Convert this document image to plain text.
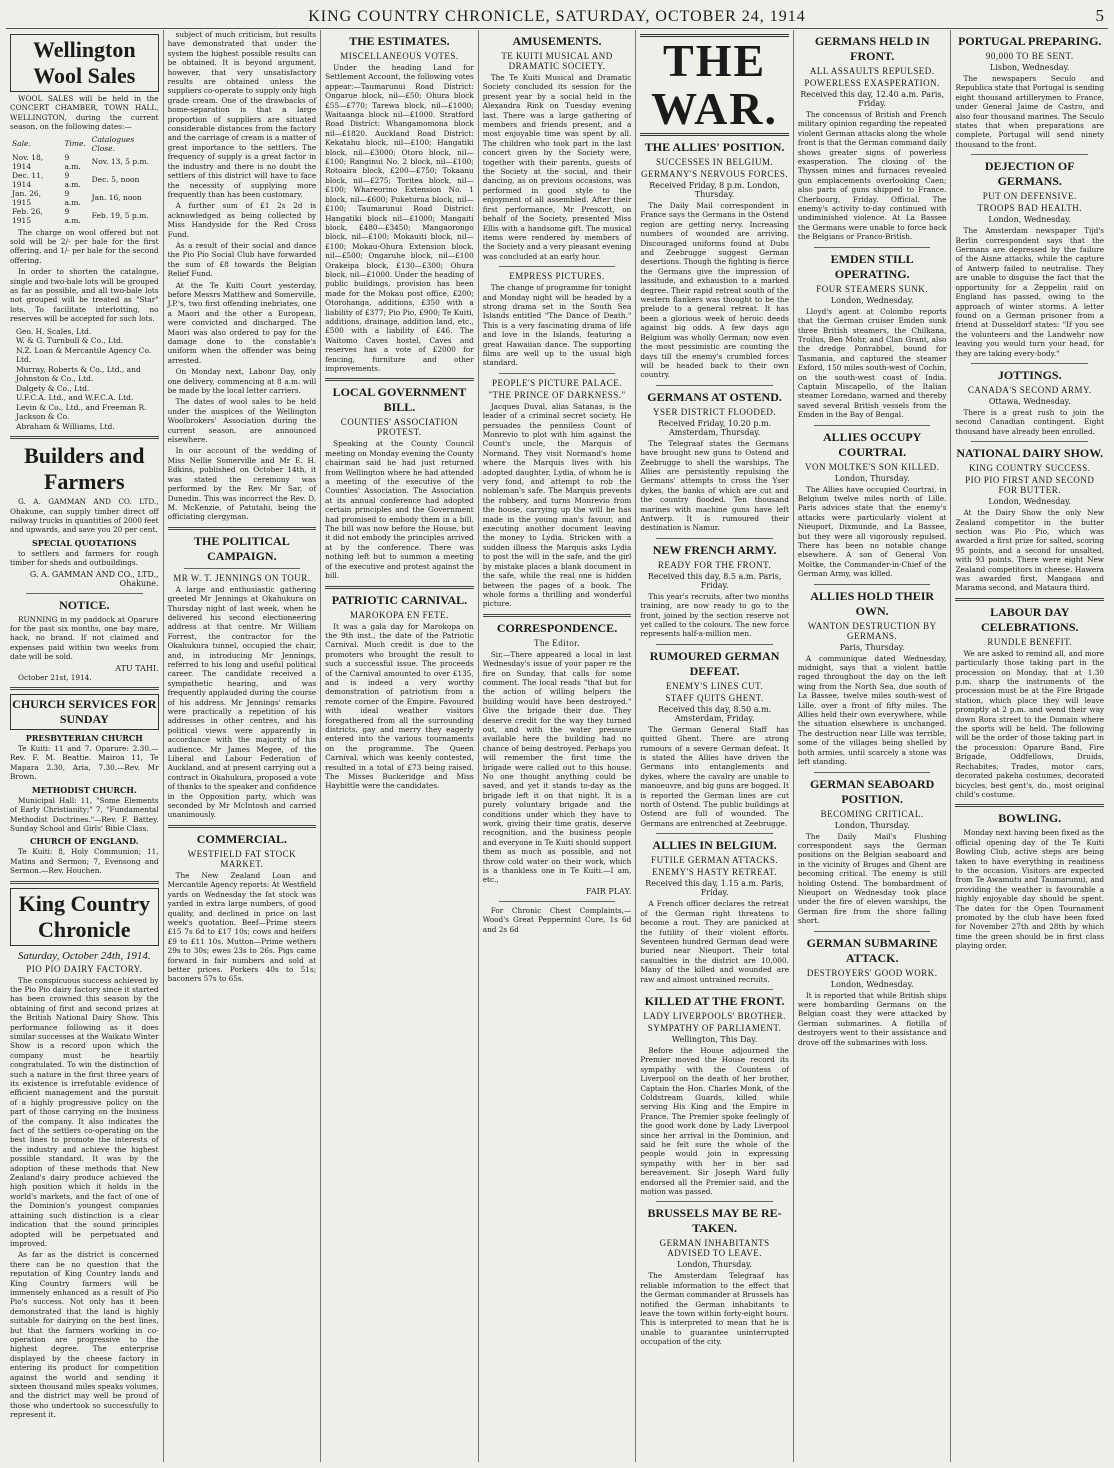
KING COUNTRY CHRONICLE, SATURDAY, OCTOBER 24, 1914	5
Wellington Wool Sales

WOOL SALES will be held in the CONCERT CHAMBER, TOWN HALL, WELLINGTON, during the current season, on the following dates:—

Sale.	Time.	Catalogues Close.
Nov. 18, 1914	9 a.m.	Nov. 13, 5 p.m.
Dec. 11, 1914	9 a.m.	Dec. 5, noon
Jan. 26, 1915	9 a.m.	Jan. 16, noon
Feb. 26, 1915	9 a.m.	Feb. 19, 5 p.m.

The charge on wool offered but not sold will be 2/- per bale for the first offering, and 1/- per bale for the second offering.

In order to shorten the catalogue, single and two-bale lots will be grouped as far as possible, and all two-bale lots not grouped will be treated as "Star" lots. To facilitate interlotting, no reserves will be accepted for such lots.

Geo. H. Scales, Ltd.
W. & G. Turnbull & Co., Ltd.
N.Z. Loan & Mercantile Agency Co. Ltd.
Murray, Roberts & Co., Ltd., and Johnston & Co., Ltd.
Dalgety & Co., Ltd.
U.F.C.A. Ltd., and W.F.C.A. Ltd.
Levin & Co., Ltd., and Freeman R. Jackson & Co.
Abraham & Williams, Ltd.
Builders and Farmers

G. A. GAMMAN AND CO. LTD., Ohakune, can supply timber direct off railway trucks in quantities of 2000 feet and upwards, and save you 20 per cent.

SPECIAL QUOTATIONS

to settlers and farmers for rough timber for sheds and outbuildings.

G. A. GAMMAN AND CO., LTD., Ohakune.
NOTICE.

RUNNING in my paddock at Oparure for the past six months, one bay mare, hack, no brand. If not claimed and expenses paid within two weeks from date will be sold.

ATU TAHI.

October 21st, 1914.

CHURCH SERVICES FOR SUNDAY
PRESBYTERIAN CHURCH

Te Kuiti: 11 and 7. Oparure: 2.30.—Rev. F. M. Beattie. Mairoa 11, Te Mapara 2.30, Aria, 7.30.—Rev. Mr Brown.

METHODIST CHURCH.

Municipal Hall: 11, "Some Elements of Early Christianity;" 7, "Fundamental Methodist Doctrines."—Rev. F. Battey. Sunday School and Girls' Bible Class.

CHURCH OF ENGLAND.

Te Kuiti: 8, Holy Communion; 11, Matins and Sermon; 7, Evensong and Sermon.—Rev. Houchen.

King Country Chronicle
Saturday, October 24th, 1914.
PIO PIO DAIRY FACTORY.

The conspicuous success achieved by the Pio Pio dairy factory since it started has been crowned this season by the obtaining of first and second prizes at the British National Dairy Show. This performance following as it does similar successes at the Waikato Winter Show is a record upon which the company must be heartily congratulated. To win the distinction of such a nature in the first three years of its existence is irrefutable evidence of efficient management and the pursuit of a highly progressive policy on the part of those carrying on the business of the company. It also indicates the fact of the settlers co-operating on the best lines to promote the interests of the industry and achieve the highest possible standard. It was by the adoption of these methods that New Zealand's dairy produce achieved the high position which it holds in the world's markets, and the fact of one of the Dominion's youngest companies attaining such distinction is a clear indication that the sound principles adopted will be perpetuated and improved.

As far as the district is concerned there can be no question that the reputation of King Country lands and King Country farmers will be immensely enhanced as a result of Pio Pio's success. Not only has it been demonstrated that the land is highly suitable for dairying on the best lines, but that the farmers working in co-operation are progressive to the highest degree. The enterprise displayed by the cheese factory in entering its product for competition against the world and sending it sixteen thousand miles speaks volumes, and the district may well be proud of those who undertook so successfully to represent it.

subject of much criticism, but results have demonstrated that under the system the highest possible results can be obtained. It is beyond argument, however, that very unsatisfactory results are obtained unless the suppliers co-operate to supply only high grade cream. One of the drawbacks of home-separation is that a large proportion of suppliers are situated considerable distances from the factory and the carriage of cream is a matter of great importance to the settlers. The frequency of supply is a great factor in the industry and there is no doubt the settlers of this district will have to face the necessity of supplying more frequently than has been customary.

A further sum of £1 2s 2d is acknowledged as being collected by Miss Handyside for the Red Cross Fund.

As a result of their social and dance the Pio Pio Social Club have forwarded the sum of £8 towards the Belgian Relief Fund.

At the Te Kuiti Court yesterday, before Messrs Matthew and Somerville, J.P.'s, two first offending inebriates, one a Maori and the other a European, were convicted and discharged. The Maori was also ordered to pay for the damage done to the constable's uniform when the offender was being arrested.

On Monday next, Labour Day, only one delivery, commencing at 8 a.m. will be made by the local letter carriers.

The dates of wool sales to be held under the auspices of the Wellington Woolbrokers' Association during the current season, are announced elsewhere.

In our account of the wedding of Miss Nellie Somerville and Mr E. H. Edkins, published on October 14th, it was stated the ceremony was performed by the Rev. Mr Sar, of Dunedin. This was incorrect the Rev. D. M. McKenzie, of Patutahi, being the officiating clergyman.

THE POLITICAL CAMPAIGN.
MR W. T. JENNINGS ON TOUR.

A large and enthusiastic gathering greeted Mr Jennings at Okahukura on Thursday night of last week, when he delivered his second electioneering address at that centre. Mr William Forrest, the contractor for the Okahukura tunnel, occupied the chair, and, in introducing Mr Jennings, referred to his long and useful political career. The candidate received a sympathetic hearing, and was frequently applauded during the course of his address. Mr Jennings' remarks were practically a repetition of his addresses in other centres, and his political views were apparently in accordance with the majority of his audience. Mr James Megee, of the Liberal and Labour Federation of Auckland, and at present carrying out a contract in Okahukura, proposed a vote of thanks to the speaker and confidence in the Opposition party, which was seconded by Mr McIntosh and carried unanimously.

COMMERCIAL.
WESTFIELD FAT STOCK MARKET.

The New Zealand Loan and Mercantile Agency reports: At Westfield yards on Wednesday the fat stock was yarded in extra large numbers, of good quality, and declined in price on last week's quotation. Beef—Prime steers £15 7s 6d to £17 10s; cows and heifers £9 to £11 10s. Mutton—Prime wethers 29s to 30s; ewes 23s to 26s. Pigs came forward in fair numbers and sold at better prices. Porkers 40s to 51s; baconers 57s to 65s.

THE ESTIMATES.
MISCELLANEOUS VOTES.

Under the heading Land for Settlement Account, the following votes appear:—Taumarunui Road District: Ongarue block, nil—£50; Ohura block £55—£770; Tarewa block, nil—£1000; Waitaanga block nil—£1000. Stratford Road District: Whangamomona block nil—£1820. Auckland Road District: Kekatahu block, nil—£100; Hangatiki block, nil—£3000; Otoro block, nil—£100; Ranginui No. 2 block, nil—£100; Rotoaira block, £200—£750; Tokaanu block, nil—£275; Toriteа block, nil—£100; Whareorino Extension No. 1 block, nil—£600; Puketurua block, nil—£100; Taumarunui Road District: Hangatiki block nil—£1000; Mangaiti block, £480—£3450; Mangaorongo block, nil—£100; Mokauiti block, nil—£100; Mokau-Ohura Extension block, nil—£500; Ongaruhe block, nil—£100 Orakeipa block, £130—£300; Ohura block, nil—£1000. Under the heading of public buildings, provision has been made for the Mokau post office, £200; Otorohanga, additions, £350 with a liability of £377; Pio Pio, £900; Te Kuiti, additions, drainage, addition land, etc., £500 with a liability of £46. The Waitomo Caves hostel, Caves and reserves has a vote of £2000 for fencing, furniture and other improvements.

LOCAL GOVERNMENT BILL.
COUNTIES' ASSOCIATION PROTEST.

Speaking at the County Council meeting on Monday evening the County chairman said he had just returned from Wellington where he had attended a meeting of the executive of the Counties' Association. The Association at its annual conference had adopted certain principles and the Government had promised to embody them in a bill. The bill was now before the House, but it did not embody the principles arrived at by the conference. There was nothing left but to summon a meeting of the executive and protest against the bill.

PATRIOTIC CARNIVAL.
MAROKOPA EN FETE.

It was a gala day for Marokopa on the 9th inst., the date of the Patriotic Carnival. Much credit is due to the promoters who brought the result to such a successful issue. The proceeds of the Carnival amounted to over £135, and is indeed a very worthy demonstration of patriotism from a remote corner of the Empire. Favoured with ideal weather visitors foregathered from all the surrounding districts, gay and merry they eagerly entered into the various tournaments on the programme. The Queen Carnival, which was keenly contested, resulted in a total of £73 being raised. The Misses Buckeridge and Miss Haybittle were the candidates.

AMUSEMENTS.
TE KUITI MUSICAL AND DRAMATIC SOCIETY.

The Te Kuiti Musical and Dramatic Society concluded its session for the present year by a social held in the Alexandra Rink on Tuesday evening last. There was a large gathering of members and friends present, and a most enjoyable time was spent by all. The children who took part in the last concert given by the Society were, together with their parents, guests of the Society at the social, and their dancing, as on previous occasions, was performed in good style to the enjoyment of all assembled. After their first performance, Mr Prescott, on behalf of the Society, presented Miss Ellis with a handsome gift. The musical items were rendered by members of the Society and a very pleasant evening was concluded at an early hour.

EMPRESS PICTURES.

The change of programme for tonight and Monday night will be headed by a strong drama set in the South Sea Islands entitled "The Dance of Death." This is a very fascinating drama of life and love in the Islands, featuring a great Hawaiian dance. The supporting films are well up to the usual high standard.

PEOPLE'S PICTURE PALACE.
"THE PRINCE OF DARKNESS."

Jacques Duval, alias Satanas, is the leader of a criminal secret society. He persuades the penniless Count of Monrevio to plot with him against the Count's uncle, the Marquis of Normand. They visit Normand's home where the Marquis lives with his adopted daughter, Lydia, of whom he is very fond, and attempt to rob the nobleman's safe. The Marquis prevents the robbery, and turns Monrevio from the house, carrying up the will he has made in the young man's favour, and executing another document leaving the money to Lydia. Stricken with a sudden illness the Marquis asks Lydia to post the will in the safe, and the girl by mistake places a blank document in the safe, while the real one is hidden between the pages of a book. The whole forms a thrilling and wonderful picture.

CORRESPONDENCE.
The Editor.

Sir,—There appeared a local in last Wednesday's issue of your paper re the fire on Sunday, that calls for some comment. The local reads "that but for the action of willing helpers the building would have been destroyed." Give the brigade their due. They deserve credit for the way they turned out, and with the water pressure available here the building had no chance of being destroyed. Perhaps you will remember the first time the brigade were called out to this house. No one thought anything could be saved, and yet it stands to-day as the brigade left it on that night. It is a purely voluntary brigade and the conditions under which they have to work, giving their time gratis, deserve recognition, and the business people and everyone in Te Kuiti should support them as much as possible, and not throw cold water on their work, which is a thankless one in Te Kuiti.—I am, etc.,

FAIR PLAY.

For Chronic Chest Complaints,—Wood's Great Peppermint Cure, 1s 6d and 2s 6d

THE WAR.
THE ALLIES' POSITION.
SUCCESSES IN BELGIUM.
GERMANY'S NERVOUS FORCES.
Received Friday, 8 p.m. London, Thursday.

The Daily Mail correspondent in France says the Germans in the Ostend region are getting nervy. Increasing numbers of wounded are arriving. Discouraged uniforms found at Dubs and Zeebrugge suggest German desertions. Though the fighting is fierce the Germans give the impression of lassitude, and exhaustion to a marked degree. Their rapid retreat south of the western flankers was thought to be the prelude to a general retreat. It has been a glorious week of heroic deeds against big odds. A few days ago Belgium was wholly German; now even the most pessimistic are counting the days till the enemy's crumbled forces will be headed back to their own country.

GERMANS AT OSTEND.
YSER DISTRICT FLOODED.
Received Friday, 10.20 p.m. Amsterdam, Thursday.

The Telegraaf states the Germans have brought new guns to Ostend and Zeebrugge to shell the warships. The Allies are persistently repulsing the Germans' attempts to cross the Yser dykes, the banks of which are cut and the country flooded. Ten thousand marines with machine guns have left Antwerp. It is rumoured their destination is Namur.

NEW FRENCH ARMY.
READY FOR THE FRONT.
Received this day, 8.5 a.m. Paris, Friday.

This year's recruits, after two months training, are now ready to go to the front, joined by the section reserve not yet called to the colours. The new force represents half-a-million men.

RUMOURED GERMAN DEFEAT.
ENEMY'S LINES CUT.
STAFF QUITS GHENT.
Received this day, 8.50 a.m. Amsterdam, Friday.

The German General Staff has quitted Ghent. There are strong rumours of a severe German defeat. It is stated the Allies have driven the Germans into entanglements and dykes, where the cavalry are unable to manoeuvre, and big guns are bogged. It is reported the German lines are cut north of Ostend. The public buildings at Ostend are full of wounded. The Germans are entrenched at Zeebrugge.

ALLIES IN BELGIUM.
FUTILE GERMAN ATTACKS.
ENEMY'S HASTY RETREAT.
Received this day, 1.15 a.m. Paris, Friday.

A French officer declares the retreat of the German right threatens to become a rout. They are panicked at the futility of their violent efforts. Seventeen hundred German dead were buried near Nieuport. Their total casualties in the district are 10,000. Many of the killed and wounded are raw and almost untrained recruits.

KILLED AT THE FRONT.
LADY LIVERPOOLS' BROTHER.
SYMPATHY OF PARLIAMENT.
Wellington, This Day.

Before the House adjourned the Premier moved the House record its sympathy with the Countess of Liverpool on the death of her brother, Captain the Hon. Charles Monk, of the Coldstream Guards, killed while serving His King and the Empire in France. The Premier spoke feelingly of the good work done by Lady Liverpool since her arrival in the Dominion, and said he felt sure the whole of the people would join in expressing sympathy with her in her sad bereavement. Sir Joseph Ward fully endorsed all the Premier said, and the motion was passed.

BRUSSELS MAY BE RE-TAKEN.
GERMAN INHABITANTS ADVISED TO LEAVE.
London, Thursday.

The Amsterdam Telegraaf has reliable information to the effect that the German commander at Brussels has notified the German inhabitants to leave the town within forty-eight hours. This is interpreted to mean that he is unable to guarantee uninterrupted occupation of the city.

GERMANS HELD IN FRONT.
ALL ASSAULTS REPULSED.
POWERLESS EXASPERATION.
Received this day, 12.40 a.m. Paris, Friday.

The concensus of British and French military opinion regarding the repeated violent German attacks along the whole front is that the German command daily shows greater signs of powerless exasperation. The closing of the Thyssen mines and furnaces revealed gun emplacements overlooking Caen; also parts of guns shipped to France. Cherbourg, Friday. Official. The enemy's activity to-day continued with undiminished violence. At La Bassee the Germans were unable to force back the Belgians or Franco-British.

EMDEN STILL OPERATING.
FOUR STEAMERS SUNK.
London, Wednesday.

Lloyd's agent at Colombo reports that the German cruiser Emden sunk three British steamers, the Chilkana, Troilus, Ben Mohr, and Clan Grant, also the dredge Ponrabbel, bound for Tasmania, and captured the steamer Exford, 150 miles south-west of Cochin, on the south-west coast of India. Captain Miscapello, of the Italian steamer Loredano, warned and thereby saved several British vessels from the Emden in the Bay of Bengal.

ALLIES OCCUPY COURTRAI.
VON MOLTKE'S SON KILLED.
London, Thursday.

The Allies have occupied Courtrai, in Belgium twelve miles north of Lille. Paris advices state that the enemy's attacks were particularly violent at Nieuport, Dixmunde, and La Bassee, but they were all vigorously repulsed. There has been no notable change elsewhere. A son of General Von Moltke, the Commander-in-Chief of the German Army, was killed.

ALLIES HOLD THEIR OWN.
WANTON DESTRUCTION BY GERMANS.
Paris, Thursday.

A communique dated Wednesday, midnight, says that a violent battle raged throughout the day on the left wing from the North Sea, due south of La Bassee, twelve miles south-west of Lille, over a front of fifty miles. The Allies held their own everywhere, while the situation elsewhere is unchanged. The destruction near Lille was terrible, some of the villages being shelled by both armies, until scarcely a stone was left standing.

GERMAN SEABOARD POSITION.
BECOMING CRITICAL.
London, Thursday.

The Daily Mail's Flushing correspondent says the German positions on the Belgian seaboard and in the vicinity of Bruges and Ghent are becoming critical. The enemy is still holding Ostend. The bombardment of Nieuport on Wednesday took place under the fire of eleven warships, the German fire from the shore falling short.

GERMAN SUBMARINE ATTACK.
DESTROYERS' GOOD WORK.
London, Wednesday.

It is reported that while British ships were bombarding Germans on the Belgian coast they were attacked by German submarines. A flotilla of destroyers went to their assistance and drove off the submarines with loss.

PORTUGAL PREPARING.
90,000 TO BE SENT.
Lisbon, Wednesday.

The newspapers Seculo and Republica state that Portugal is sending eight thousand artillerymen to France, under General Jaime de Castro, and also four thousand marines. The Seculo states that when preparations are complete, Portugal will send ninety thousand to the front.

DEJECTION OF GERMANS.
PUT ON DEFENSIVE.
TROOPS BAD HEALTH.
London, Wednesday.

The Amsterdam newspaper Tijd's Berlin correspondent says that the Germans are depressed by the failure of the Aisne attacks, while the capture of Antwerp failed to neutralise. They are unable to disguise the fact that the opportunity for a Zeppelin raid on England has passed, owing to the approach of winter storms. A letter found on a German prisoner from a friend at Dusseldorf states: "If you see the volunteers and the Landwehr now leaving you would turn your head, for they are taking every-body."

JOTTINGS.
CANADA'S SECOND ARMY.
Ottawa, Wednesday.

There is a great rush to join the second Canadian contingent. Eight thousand have already been enrolled.

NATIONAL DAIRY SHOW.
KING COUNTRY SUCCESS.
PIO PIO FIRST AND SECOND FOR BUTTER.
London, Wednesday.

At the Dairy Show the only New Zealand competitor in the butter section was Pio Pio, which was awarded a first prize for salted, scoring 95 points, and a second for unsalted, with 93 points. There were eight New Zealand competitors in cheese. Hawera was awarded first, Mangaoa and Marama second, and Mataura third.

LABOUR DAY CELEBRATIONS.
RUNDLE BENEFIT.

We are asked to remind all, and more particularly those taking part in the procession on Monday, that at 1.30 p.m. sharp the instruments of the procession must be at the Fire Brigade station, which place they will leave promptly at 2 p.m. and wend their way down Rora street to the Domain where the sports will be held. The following will be the order of those taking part in the procession: Oparure Band, Fire Brigade, Oddfellows, Druids, Rechabites, Trades, motor cars, decorated pakeha costumes, decorated bicycles, best gent's, do., most original child's costume.

BOWLING.

Monday next having been fixed as the official opening day of the Te Kuiti Bowling Club, active steps are being taken to have everything in readiness to the occasion. Visitors are expected from Te Awamutu and Taumarunui, and providing the weather is favourable a highly enjoyable day should be spent. The dates for the Open Tournament promoted by the club have been fixed for November 27th and 28th by which time the green should be in first class playing order.
